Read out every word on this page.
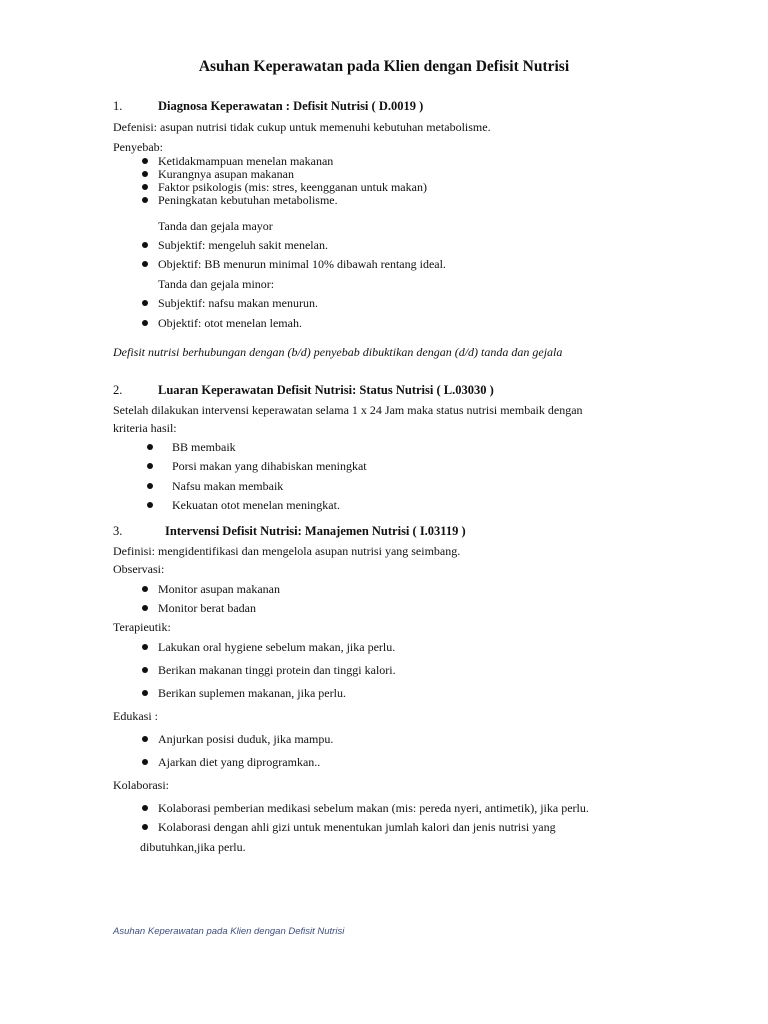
Asuhan Keperawatan pada Klien dengan Defisit Nutrisi
1.	Diagnosa Keperawatan : Defisit Nutrisi ( D.0019 )
Defenisi: asupan nutrisi tidak cukup untuk memenuhi kebutuhan metabolisme.
Penyebab:
Ketidakmampuan menelan makanan
Kurangnya asupan makanan
Faktor psikologis (mis: stres, keengganan untuk makan)
Peningkatan kebutuhan metabolisme.
Tanda dan gejala mayor
Subjektif: mengeluh sakit menelan.
Objektif: BB menurun minimal 10% dibawah rentang ideal.
Tanda dan gejala minor:
Subjektif: nafsu makan menurun.
Objektif: otot menelan lemah.
Defisit nutrisi berhubungan dengan (b/d) penyebab dibuktikan dengan (d/d) tanda dan gejala
2.	Luaran Keperawatan Defisit Nutrisi: Status Nutrisi ( L.03030 )
Setelah dilakukan intervensi keperawatan selama 1 x 24 Jam maka status nutrisi membaik dengan
kriteria hasil:
BB membaik
Porsi makan yang dihabiskan meningkat
Nafsu makan membaik
Kekuatan otot menelan meningkat.
3.	Intervensi Defisit Nutrisi: Manajemen Nutrisi ( I.03119 )
Definisi: mengidentifikasi dan mengelola asupan nutrisi yang seimbang.
Observasi:
Monitor asupan makanan
Monitor berat badan
Terapieutik:
Lakukan oral hygiene sebelum makan, jika perlu.
Berikan makanan tinggi protein dan tinggi kalori.
Berikan suplemen makanan, jika perlu.
Edukasi :
Anjurkan posisi duduk, jika mampu.
Ajarkan diet yang diprogramkan..
Kolaborasi:
Kolaborasi pemberian medikasi sebelum makan (mis: pereda nyeri, antimetik), jika perlu.
Kolaborasi dengan ahli gizi untuk menentukan jumlah kalori dan jenis nutrisi yang
dibutuhkan,jika perlu.
Asuhan Keperawatan pada Klien dengan Defisit Nutrisi
